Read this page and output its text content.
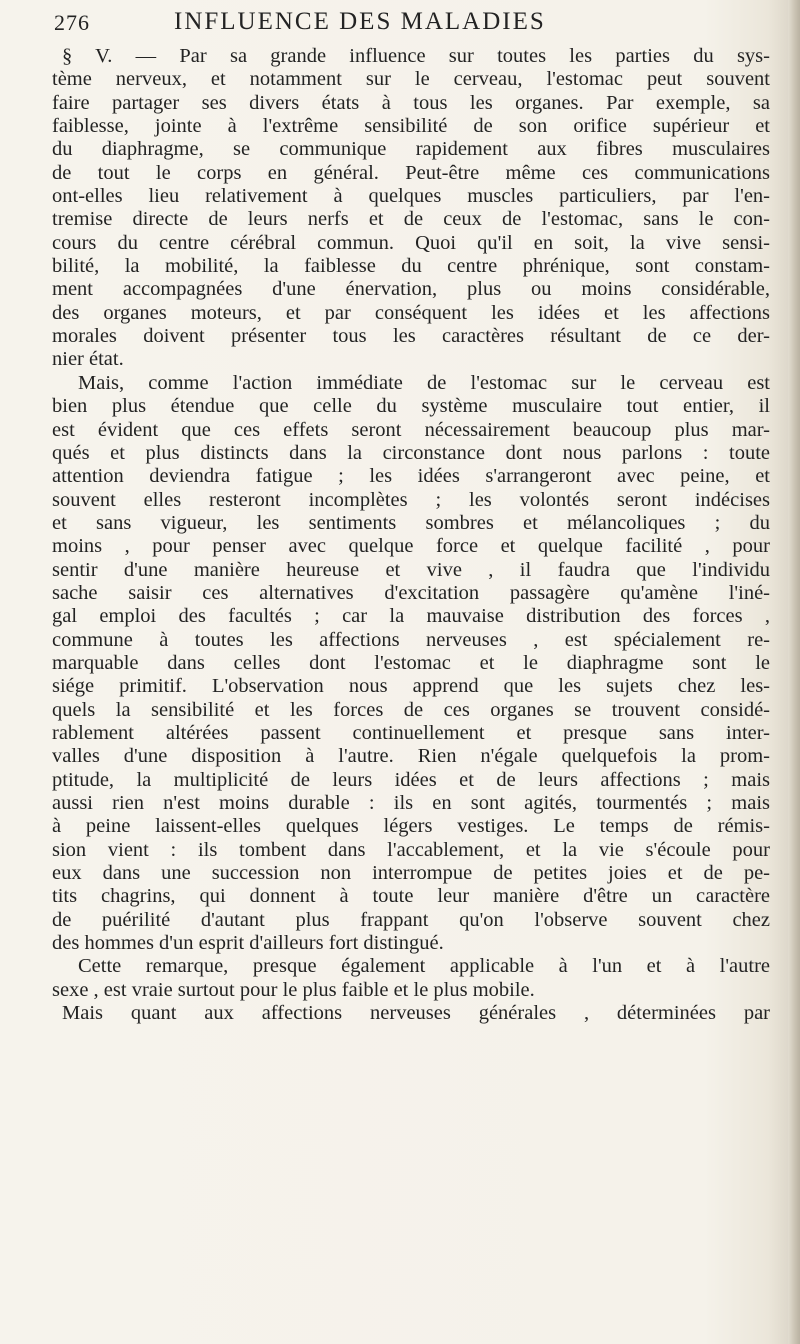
276	INFLUENCE DES MALADIES
§ V. — Par sa grande influence sur toutes les parties du sys-
tème nerveux, et notamment sur le cerveau, l'estomac peut souvent
faire partager ses divers états à tous les organes. Par exemple, sa
faiblesse, jointe à l'extrême sensibilité de son orifice supérieur et
du diaphragme, se communique rapidement aux fibres musculaires
de tout le corps en général. Peut-être même ces communications
ont-elles lieu relativement à quelques muscles particuliers, par l'en-
tremise directe de leurs nerfs et de ceux de l'estomac, sans le con-
cours du centre cérébral commun. Quoi qu'il en soit, la vive sensi-
bilité, la mobilité, la faiblesse du centre phrénique, sont constam-
ment accompagnées d'une énervation, plus ou moins considérable,
des organes moteurs, et par conséquent les idées et les affections
morales doivent présenter tous les caractères résultant de ce der-
nier état.
Mais, comme l'action immédiate de l'estomac sur le cerveau est
bien plus étendue que celle du système musculaire tout entier, il
est évident que ces effets seront nécessairement beaucoup plus mar-
qués et plus distincts dans la circonstance dont nous parlons : toute
attention deviendra fatigue ; les idées s'arrangeront avec peine, et
souvent elles resteront incomplètes ; les volontés seront indécises
et sans vigueur, les sentiments sombres et mélancoliques ; du
moins , pour penser avec quelque force et quelque facilité , pour
sentir d'une manière heureuse et vive , il faudra que l'individu
sache saisir ces alternatives d'excitation passagère qu'amène l'iné-
gal emploi des facultés ; car la mauvaise distribution des forces ,
commune à toutes les affections nerveuses , est spécialement re-
marquable dans celles dont l'estomac et le diaphragme sont le
siége primitif. L'observation nous apprend que les sujets chez les-
quels la sensibilité et les forces de ces organes se trouvent considé-
rablement altérées passent continuellement et presque sans inter-
valles d'une disposition à l'autre. Rien n'égale quelquefois la prom-
ptitude, la multiplicité de leurs idées et de leurs affections ; mais
aussi rien n'est moins durable : ils en sont agités, tourmentés ; mais
à peine laissent-elles quelques légers vestiges. Le temps de rémis-
sion vient : ils tombent dans l'accablement, et la vie s'écoule pour
eux dans une succession non interrompue de petites joies et de pe-
tits chagrins, qui donnent à toute leur manière d'être un caractère
de puérilité d'autant plus frappant qu'on l'observe souvent chez
des hommes d'un esprit d'ailleurs fort distingué.
Cette remarque, presque également applicable à l'un et à l'autre
sexe , est vraie surtout pour le plus faible et le plus mobile.
Mais quant aux affections nerveuses générales , déterminées par
